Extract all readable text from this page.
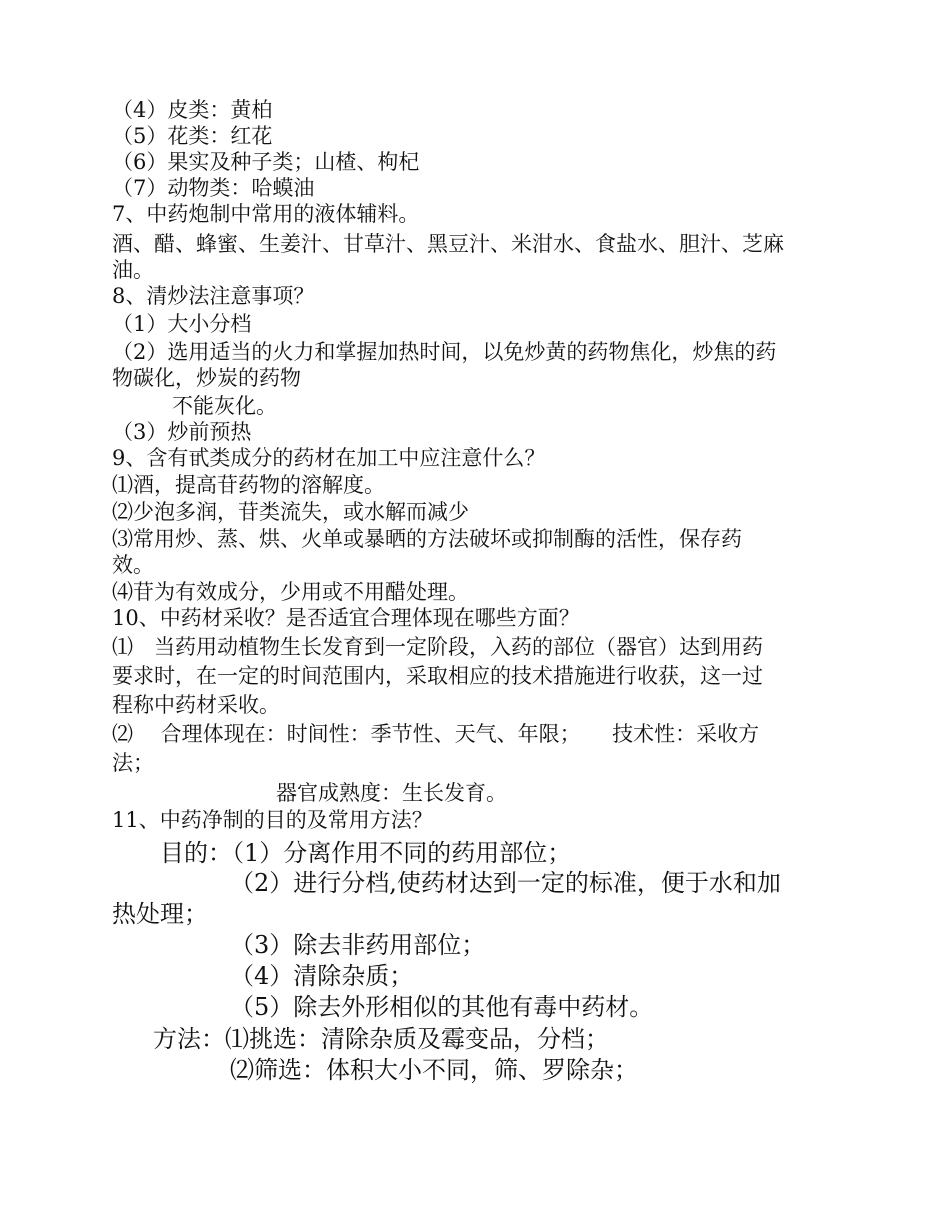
（4）皮类：黄柏
（5）花类：红花
（6）果实及种子类；山楂、枸杞
（7）动物类：哈蟆油
7、中药炮制中常用的液体辅料。
酒、醋、蜂蜜、生姜汁、甘草汁、黑豆汁、米泔水、食盐水、胆汁、芝麻
油。
8、清炒法注意事项？
（1）大小分档
（2）选用适当的火力和掌握加热时间，以免炒黄的药物焦化，炒焦的药
物碳化，炒炭的药物
不能灰化。
（3）炒前预热
9、含有甙类成分的药材在加工中应注意什么？
⑴酒，提高苷药物的溶解度。
⑵少泡多润，苷类流失，或水解而减少
⑶常用炒、蒸、烘、火单或暴晒的方法破坏或抑制酶的活性，保存药
效。
⑷苷为有效成分，少用或不用醋处理。
10、中药材采收？是否适宜合理体现在哪些方面？
⑴　当药用动植物生长发育到一定阶段，入药的部位（器官）达到用药
要求时，在一定的时间范围内，采取相应的技术措施进行收获，这一过
程称中药材采收。
⑵　 合理体现在：时间性：季节性、天气、年限；　　技术性：采收方
法；
器官成熟度：生长发育。
11、中药净制的目的及常用方法？
目的：（1）分离作用不同的药用部位；
（2）进行分档,使药材达到一定的标准，便于水和加
热处理；
（3）除去非药用部位；
（4）清除杂质；
（5）除去外形相似的其他有毒中药材。
方法：⑴挑选：清除杂质及霉变品，分档；
⑵筛选：体积大小不同，筛、罗除杂；
